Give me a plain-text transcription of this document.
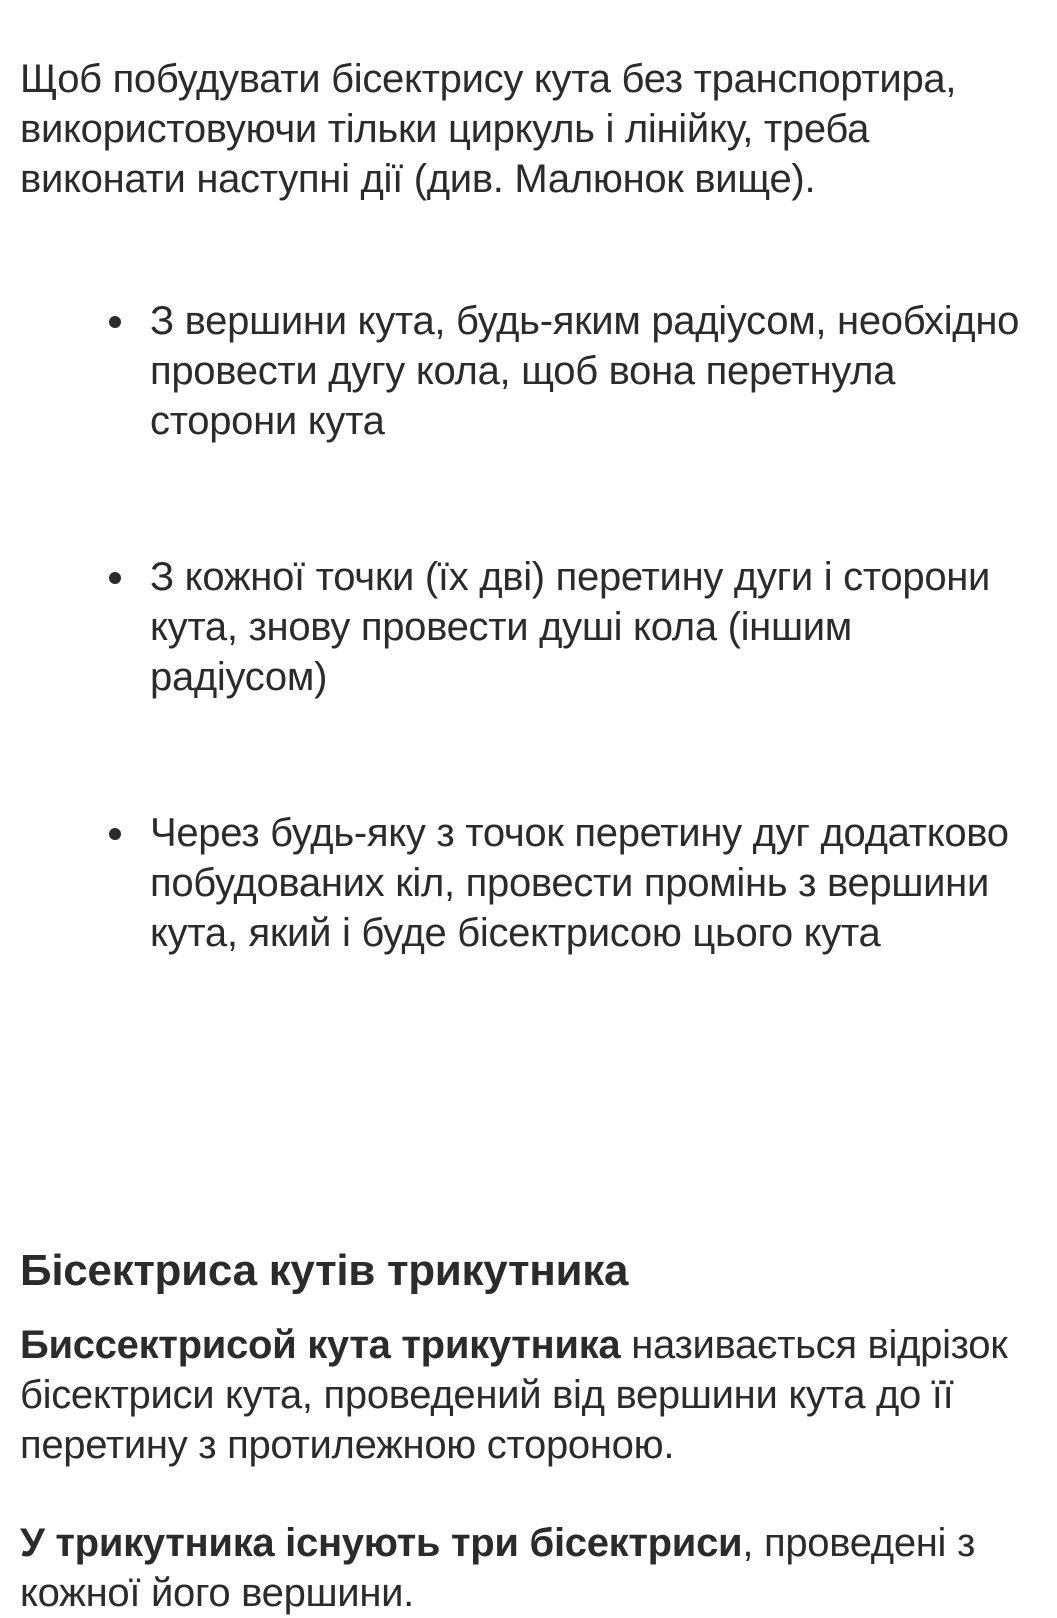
Щоб побудувати бісектрису кута без транспортира, використовуючи тільки циркуль і лінійку, треба виконати наступні дії (див. Малюнок вище).

З вершини кута, будь-яким радіусом, необхідно провести дугу кола, щоб вона перетнула сторони кута
З кожної точки (їх дві) перетину дуги і сторони кута, знову провести душі кола (іншим радіусом)
Через будь-яку з точок перетину дуг додатково побудованих кіл, провести промінь з вершини кута, який і буде бісектрисою цього кута
Бісектриса кутів трикутника

Биссектрисой кута трикутника називається відрізок бісектриси кута, проведений від вершини кута до її перетину з протилежною стороною.

У трикутника існують три бісектриси, проведені з кожної його вершини.
